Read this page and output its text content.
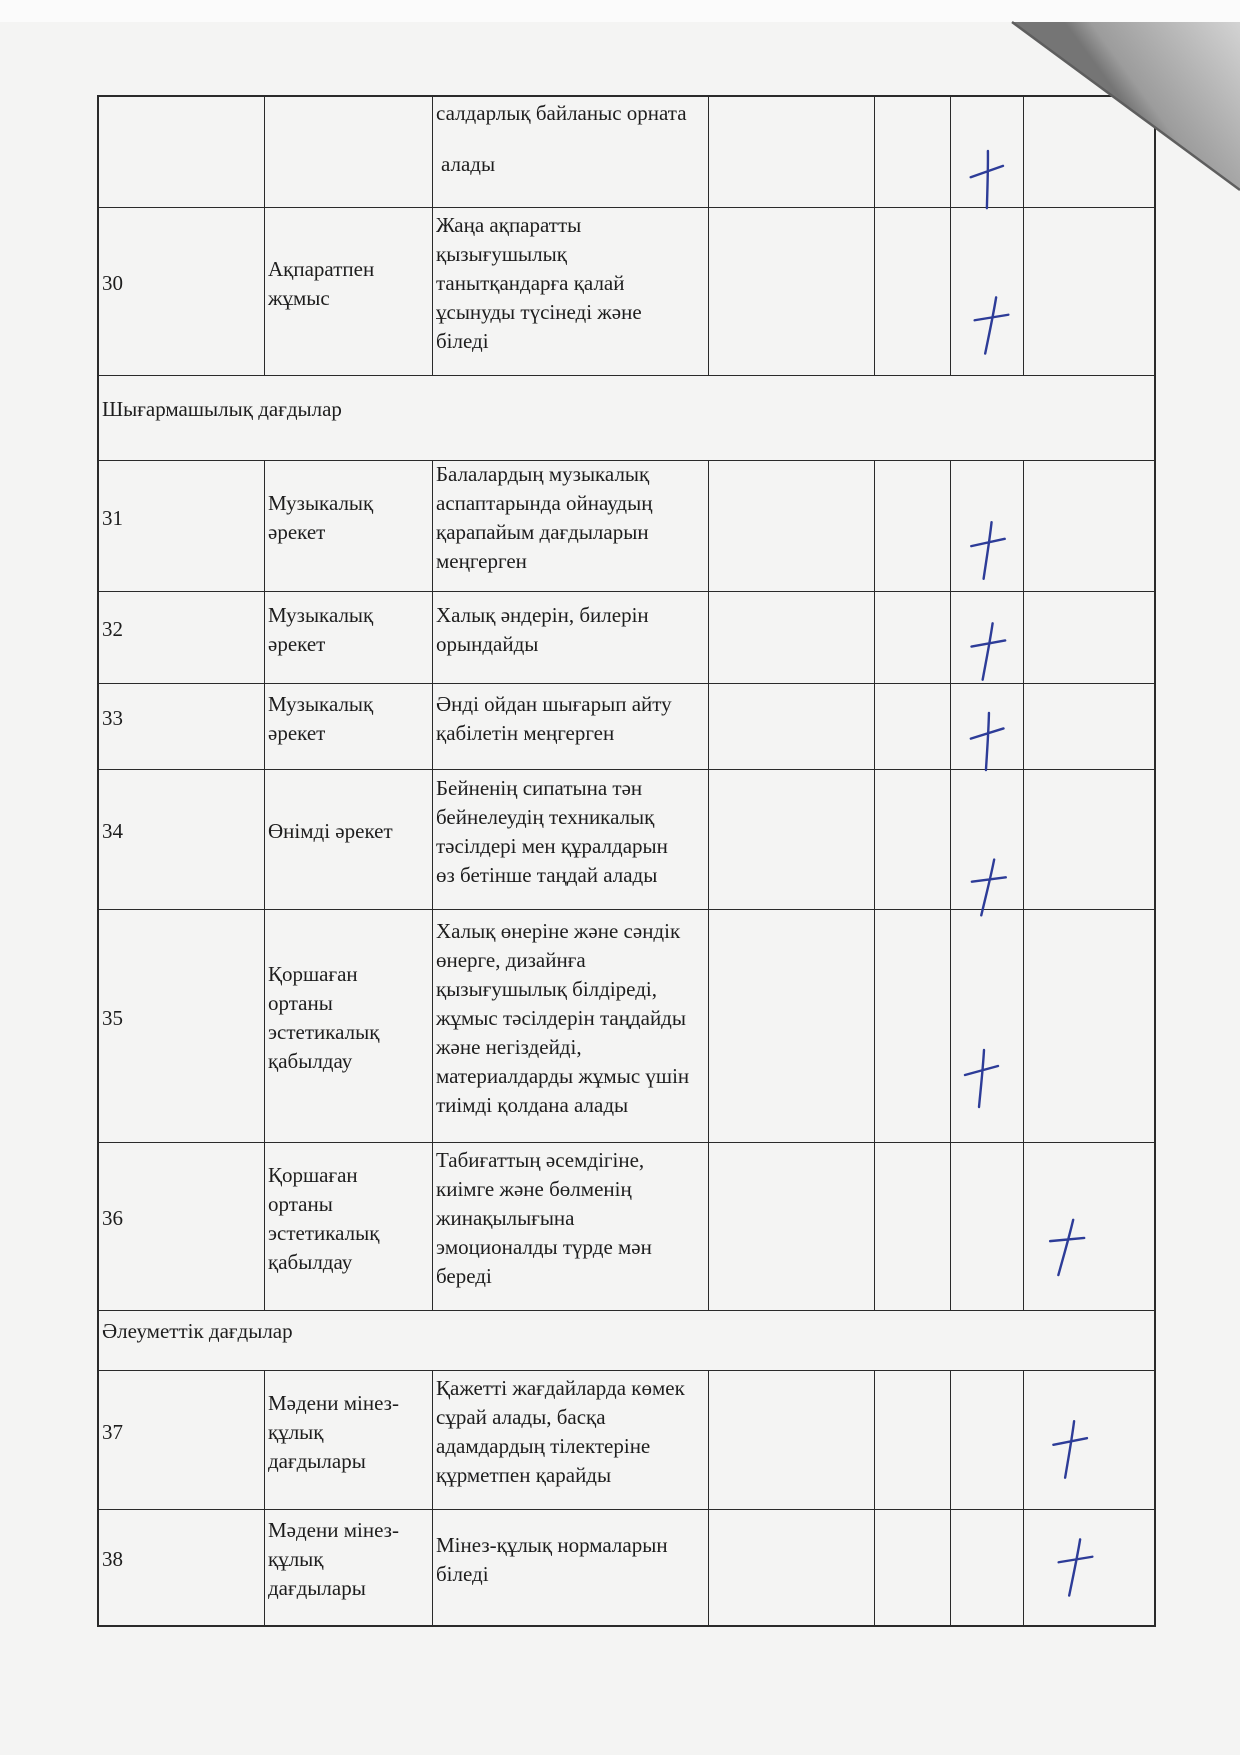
салдарлық байланыс орната
алады
30
Ақпаратпен
жұмыс
Жаңа ақпаратты
қызығушылық
танытқандарға қалай
ұсынуды түсінеді және
біледі
Шығармашылық дағдылар
31
Музыкалық
әрекет
Балалардың музыкалық
аспаптарында ойнаудың
қарапайым дағдыларын
меңгерген
32
Музыкалық
әрекет
Халық әндерін, билерін
орындайды
33
Музыкалық
әрекет
Әнді ойдан шығарып айту
қабілетін меңгерген
34	Өнімді әрекет
Бейненің сипатына тән
бейнелеудің техникалық
тәсілдері мен құралдарын
өз бетінше таңдай алады
35
Қоршаған
ортаны
эстетикалық
қабылдау
Халық өнеріне және сәндік
өнерге, дизайнға
қызығушылық білдіреді,
жұмыс тәсілдерін таңдайды
және негіздейді,
материалдарды жұмыс үшін
тиімді қолдана алады
36
Қоршаған
ортаны
эстетикалық
қабылдау
Табиғаттың әсемдігіне,
киімге және бөлменің
жинақылығына
эмоционалды түрде мән
береді
Әлеуметтік дағдылар
37
Мәдени мінез-
құлық
дағдылары
Қажетті жағдайларда көмек
сұрай алады, басқа
адамдардың тілектеріне
құрметпен қарайды
38
Мәдени мінез-
құлық
дағдылары
Мінез-құлық нормаларын
біледі
